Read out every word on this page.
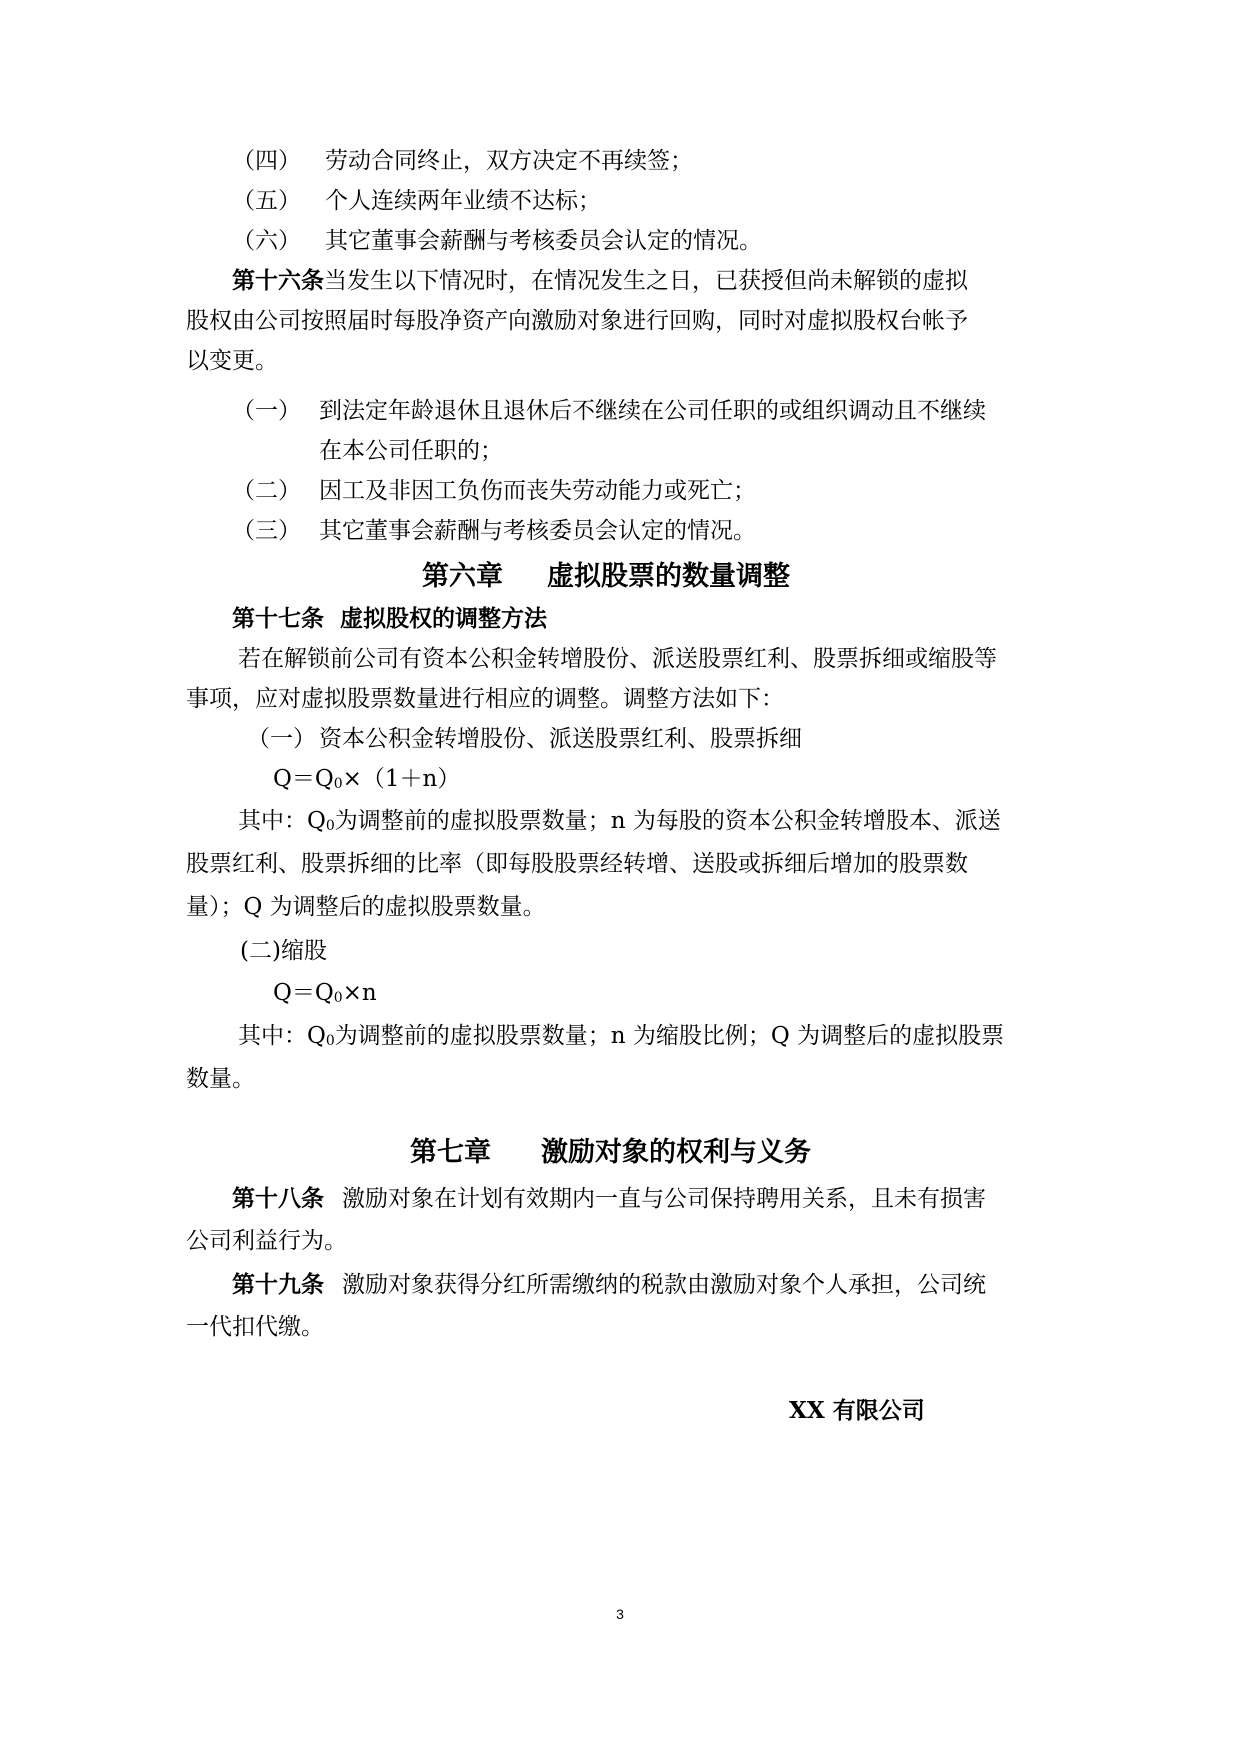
（四） 劳动合同终止，双方决定不再续签；
（五） 个人连续两年业绩不达标；
（六） 其它董事会薪酬与考核委员会认定的情况。
第十六条当发生以下情况时，在情况发生之日，已获授但尚未解锁的虚拟
股权由公司按照届时每股净资产向激励对象进行回购，同时对虚拟股权台帐予
以变更。
（一） 到法定年龄退休且退休后不继续在公司任职的或组织调动且不继续
在本公司任职的；
（二） 因工及非因工负伤而丧失劳动能力或死亡；
（三） 其它董事会薪酬与考核委员会认定的情况。
第六章 虚拟股票的数量调整
第十七条 虚拟股权的调整方法
若在解锁前公司有资本公积金转增股份、派送股票红利、股票拆细或缩股等
事项，应对虚拟股票数量进行相应的调整。调整方法如下：
（一） 资本公积金转增股份、派送股票红利、股票拆细
$Q=Q_0\times(1+n)$
其中：$Q_0$为调整前的虚拟股票数量；n 为每股的资本公积金转增股本、派送
股票红利、股票拆细的比率（即每股股票经转增、送股或拆细后增加的股票数
量）；Q 为调整后的虚拟股票数量。
(二)缩股
$Q=Q_0\times n$
其中：$Q_0$为调整前的虚拟股票数量；n 为缩股比例；Q 为调整后的虚拟股票
数量。
第七章 激励对象的权利与义务
第十八条 激励对象在计划有效期内一直与公司保持聘用关系，且未有损害
公司利益行为。
第十九条 激励对象获得分红所需缴纳的税款由激励对象个人承担，公司统
一代扣代缴。
XX 有限公司
3
